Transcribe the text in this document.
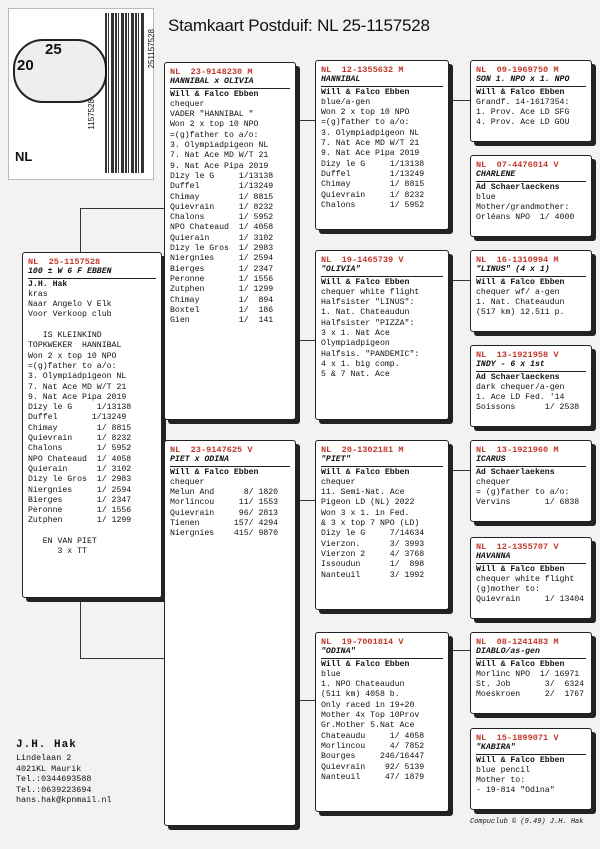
Stamkaart Postduif: NL 25-1157528
20
25
NL
1157528
251157528
NL  25-1157528
100 ± W 6 F EBBEN
J.H. Hak
kras
Naar Angelo V Elk
Voor Verkoop club

IS KLEINKIND
TOPKWEKER  HANNIBAL
Won 2 x top 10 NPO
=(g)father to a/o:
3. Olympiadpigeon NL
7. Nat Ace MD W/T 21
9. Nat Ace Pipa 2019
Dizy le G     1/13138
Duffel       1/13249
Chimay        1/ 8815
Quievrain     1/ 8232
Chalons       1/ 5952
NPO Chateaud  1/ 4058
Quierain      1/ 3102
Dizy le Gros  1/ 2983
Niergnies     1/ 2594
Bierges       1/ 2347
Peronne       1/ 1556
Zutphen       1/ 1299

EN VAN PIET
3 x TT
NL  23-9148230 M
HANNIBAL x OLIVIA
Will & Falco Ebben
chequer
VADER "HANNIBAL "
Won 2 x top 10 NPO
=(g)father to a/o:
3. Olympiadpigeon NL
7. Nat Ace MD W/T 21
9. Nat Ace Pipa 2019
Dizy le G     1/13138
Duffel        1/13249
Chimay        1/ 8815
Quievrain     1/ 8232
Chalons       1/ 5952
NPO Chateaud  1/ 4058
Quierain      1/ 3102
Dizy le Gros  1/ 2983
Niergnies     1/ 2594
Bierges       1/ 2347
Peronne       1/ 1556
Zutphen       1/ 1299
Chimay        1/  894
Boxtel        1/  186
Gien          1/  141
NL  23-9147625 V
PIET x ODINA
Will & Falco Ebben
chequer
Melun And      8/ 1820
Morlincou     11/ 1553
Quievrain     96/ 2813
Tienen       157/ 4294
Niergnies    415/ 9870
NL  12-1355632 M
HANNIBAL
Will & Falco Ebben
blue/a-gen
Won 2 x top 10 NPO
=(g)father to a/o:
3. Olympiadpigeon NL
7. Nat Ace MD W/T 21
9. Nat Ace Pipa 2019
Dizy le G     1/13138
Duffel        1/13249
Chimay        1/ 8815
Quievrain     1/ 8232
Chalons       1/ 5952
NL  19-1465739 V
"OLIVIA"
Will & Falco Ebben
chequer white flight
Halfsister "LINUS":
1. Nat. Chateaudun
Halfsister "PIZZA":
3 x 1. Nat Ace
Olympiadpigeon
Halfsis. "PANDEMIC":
4 x 1. big comp.
5 & 7 Nat. Ace
NL  20-1302181 M
"PIET"
Will & Falco Ebben
chequer
11. Semi-Nat. Ace
Pigeon LD (NL) 2022
Won 3 x 1. in Fed.
& 3 x top 7 NPO (LD)
Dizy le G     7/14634
Vierzon.      3/ 3993
Vierzon 2     4/ 3768
Issoudun      1/  898
Nanteuil      3/ 1992
NL  19-7001814 V
"ODINA"
Will & Falco Ebben
blue
1. NPO Chateaudun
(511 km) 4058 b.
Only raced in 19+20
Mother 4x Top 10Prov
Gr.Mother 5.Nat Ace
Chateaudu     1/ 4058
Morlincou     4/ 7852
Bourges     246/16447
Quievrain    92/ 5139
Nanteuil     47/ 1879
NL  09-1969750 M
SON 1. NPO x 1. NPO
Will & Falco Ebben
Grandf. 14-1617354:
1. Prov. Ace LD SFG
4. Prov. Ace LD GOU
NL  07-4476014 V
CHARLENE
Ad Schaerlaeckens
blue
Mother/grandmother:
Orléans NPO  1/ 4000
NL  16-1310994 M
"LINUS" (4 x 1)
Will & Falco Ebben
chequer wf/ a-gen
1. Nat. Chateaudun
(517 km) 12.511 p.
NL  13-1921958 V
INDY - 6 x 1st
Ad Schaerlaeckens
dark chequer/a-gen
1. Ace LD Fed. '14
Soissons      1/ 2538
NL  13-1921960 M
ICARUS
Ad Schaerlaekens
chequer
= (g)father to a/o:
Vervins       1/ 6838
NL  12-1355707 V
HAVANNA
Will & Falco Ebben
chequer white flight
(g)mother to:
Quievrain     1/ 13404
NL  08-1241483 M
DIABLO/as-gen
Will & Falco Ebben
Morlinc NPO  1/ 16971
St. Job       3/  6324
Moeskroen     2/  1767
NL  15-1899071 V
"KABIRA"
Will & Falco Ebben
blue pencil
Mother to:
- 19-814 "Odina"
J.H. Hak
Lindelaan 2
4021KL Maurik
Tel.:0344693588
Tel.:0639223694
hans.hak@kpnmail.nl
Compuclub © (9.49) J.H. Hak
